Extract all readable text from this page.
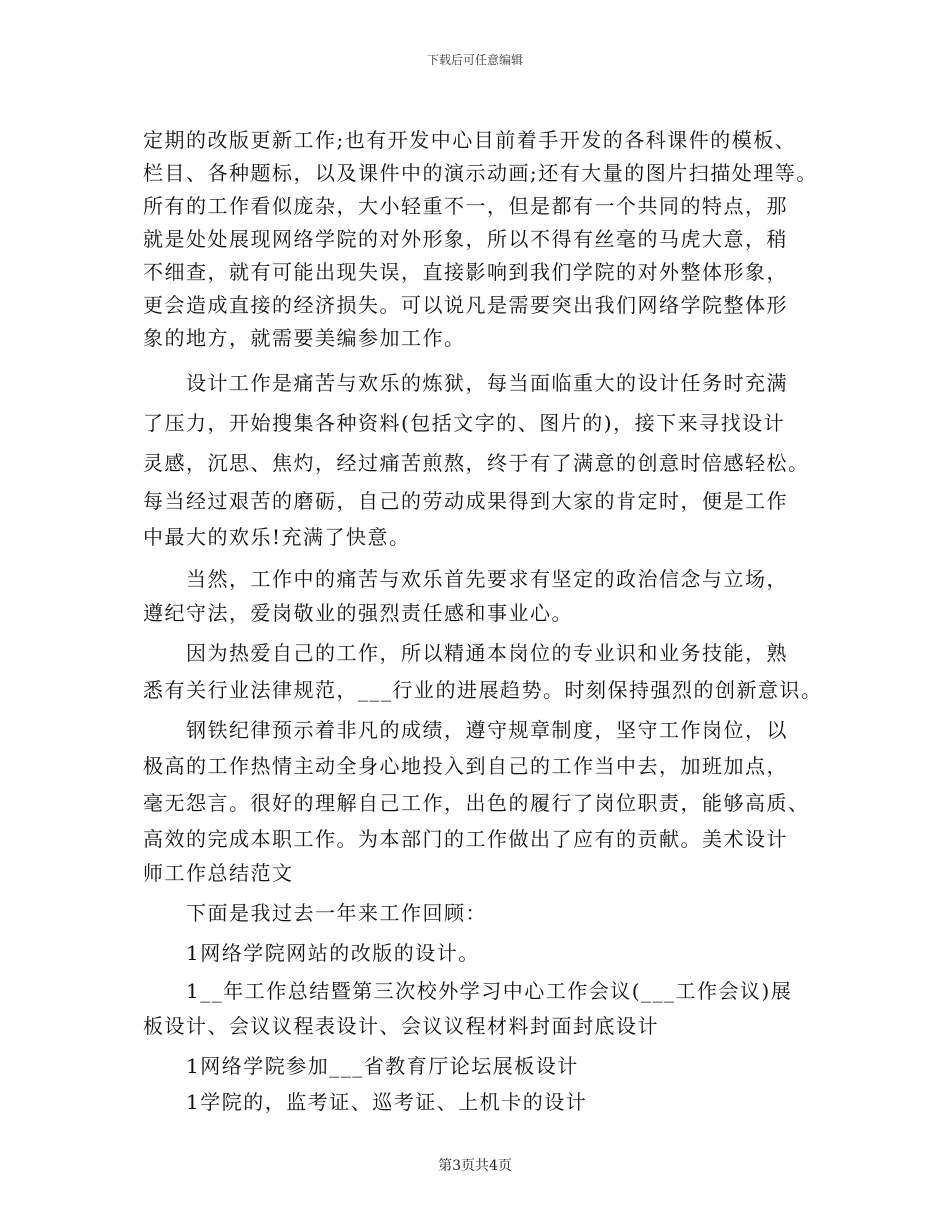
下载后可任意编辑
定期的改版更新工作;也有开发中心目前着手开发的各科课件的模板、
栏目、各种题标，以及课件中的演示动画;还有大量的图片扫描处理等。
所有的工作看似庞杂，大小轻重不一，但是都有一个共同的特点，那
就是处处展现网络学院的对外形象，所以不得有丝毫的马虎大意，稍
不细查，就有可能出现失误，直接影响到我们学院的对外整体形象，
更会造成直接的经济损失。可以说凡是需要突出我们网络学院整体形
象的地方，就需要美编参加工作。
　　设计工作是痛苦与欢乐的炼狱，每当面临重大的设计任务时充满
了压力，开始搜集各种资料(包括文字的、图片的)，接下来寻找设计
灵感，沉思、焦灼，经过痛苦煎熬，终于有了满意的创意时倍感轻松。
每当经过艰苦的磨砺，自己的劳动成果得到大家的肯定时，便是工作
中最大的欢乐!充满了快意。
　　当然，工作中的痛苦与欢乐首先要求有坚定的政治信念与立场，
遵纪守法，爱岗敬业的强烈责任感和事业心。
　　因为热爱自己的工作，所以精通本岗位的专业识和业务技能，熟
悉有关行业法律规范，___行业的进展趋势。时刻保持强烈的创新意识。
　　钢铁纪律预示着非凡的成绩，遵守规章制度，坚守工作岗位，以
极高的工作热情主动全身心地投入到自己的工作当中去，加班加点，
毫无怨言。很好的理解自己工作，出色的履行了岗位职责，能够高质、
高效的完成本职工作。为本部门的工作做出了应有的贡献。美术设计
师工作总结范文
　　下面是我过去一年来工作回顾：
　　1网络学院网站的改版的设计。
　　1__年工作总结暨第三次校外学习中心工作会议(___工作会议)展
板设计、会议议程表设计、会议议程材料封面封底设计
　　1网络学院参加___省教育厅论坛展板设计
　　1学院的，监考证、巡考证、上机卡的设计
第3页共4页
